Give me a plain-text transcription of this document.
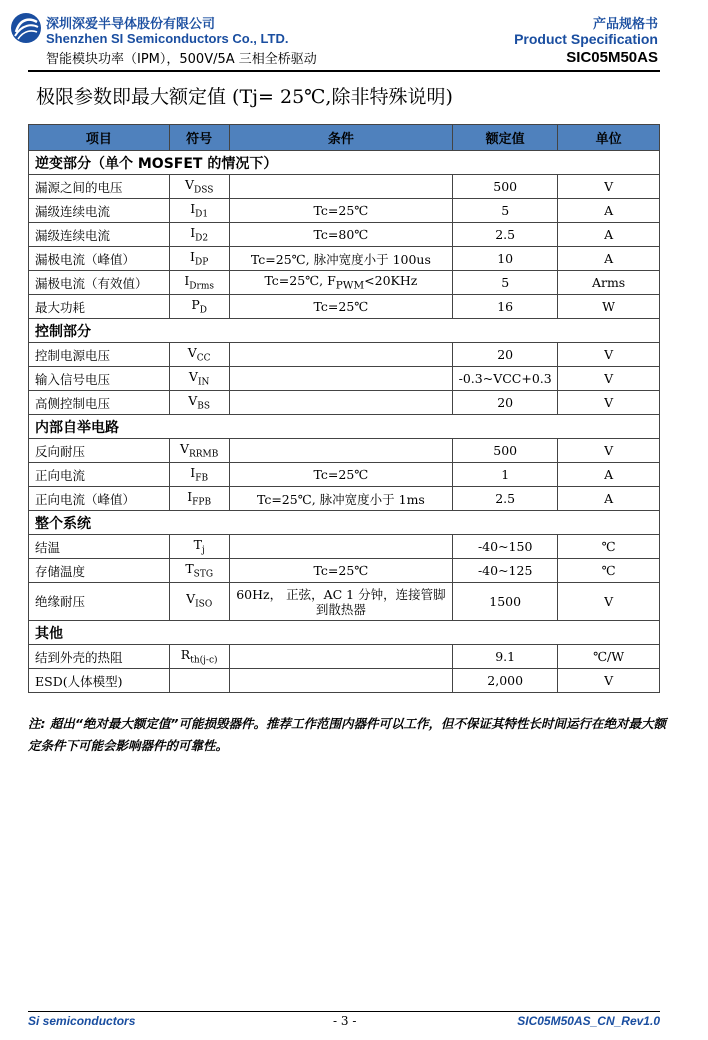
深圳深爱半导体股份有限公司
Shenzhen SI Semiconductors Co., LTD.
智能模块功率（IPM），500V/5A 三相全桥驱动
产品规格书
Product Specification
SIC05M50AS
极限参数即最大额定值 (Tj= 25℃,除非特殊说明)
项目	符号	条件	额定值	单位
逆变部分（单个 MOSFET 的情况下）				
漏源之间的电压	$V_{DSS}$		500	V
漏级连续电流	$I_{D1}$	Tc=25℃	5	A
漏级连续电流	$I_{D2}$	Tc=80℃	2.5	A
漏极电流（峰值）	$I_{DP}$	Tc=25℃, 脉冲宽度小于 100us	10	A
漏极电流（有效值）	$I_{Drms}$	Tc=25℃, $F_{PWM}<20KHz$	5	Arms
最大功耗	$P_D$	Tc=25℃	16	W
控制部分				
控制电源电压	$V_{CC}$		20	V
输入信号电压	$V_{IN}$		-0.3~VCC+0.3	V
高侧控制电压	$V_{BS}$		20	V
内部自举电路				
反向耐压	$V_{RRMB}$		500	V
正向电流	$I_{FB}$	Tc=25℃	1	A
正向电流（峰值）	$I_{FPB}$	Tc=25℃, 脉冲宽度小于 1ms	2.5	A
整个系统				
结温	$T_j$		-40~150	℃
存储温度	$T_{STG}$	Tc=25℃	-40~125	℃
绝缘耐压	$V_{ISO}$	60Hz， 正弦，AC 1 分钟，连接管脚到散热器	1500	V
其他				
结到外壳的热阻	$R_{th(j-c)}$		9.1	℃/W
ESD(人体模型)			2,000	V
注: 超出“绝对最大额定值”可能损毁器件。推荐工作范围内器件可以工作，但不保证其特性长时间运行在绝对最大额定条件下可能会影响器件的可靠性。
Si semiconductors	- 3 -	SIC05M50AS_CN_Rev1.0
